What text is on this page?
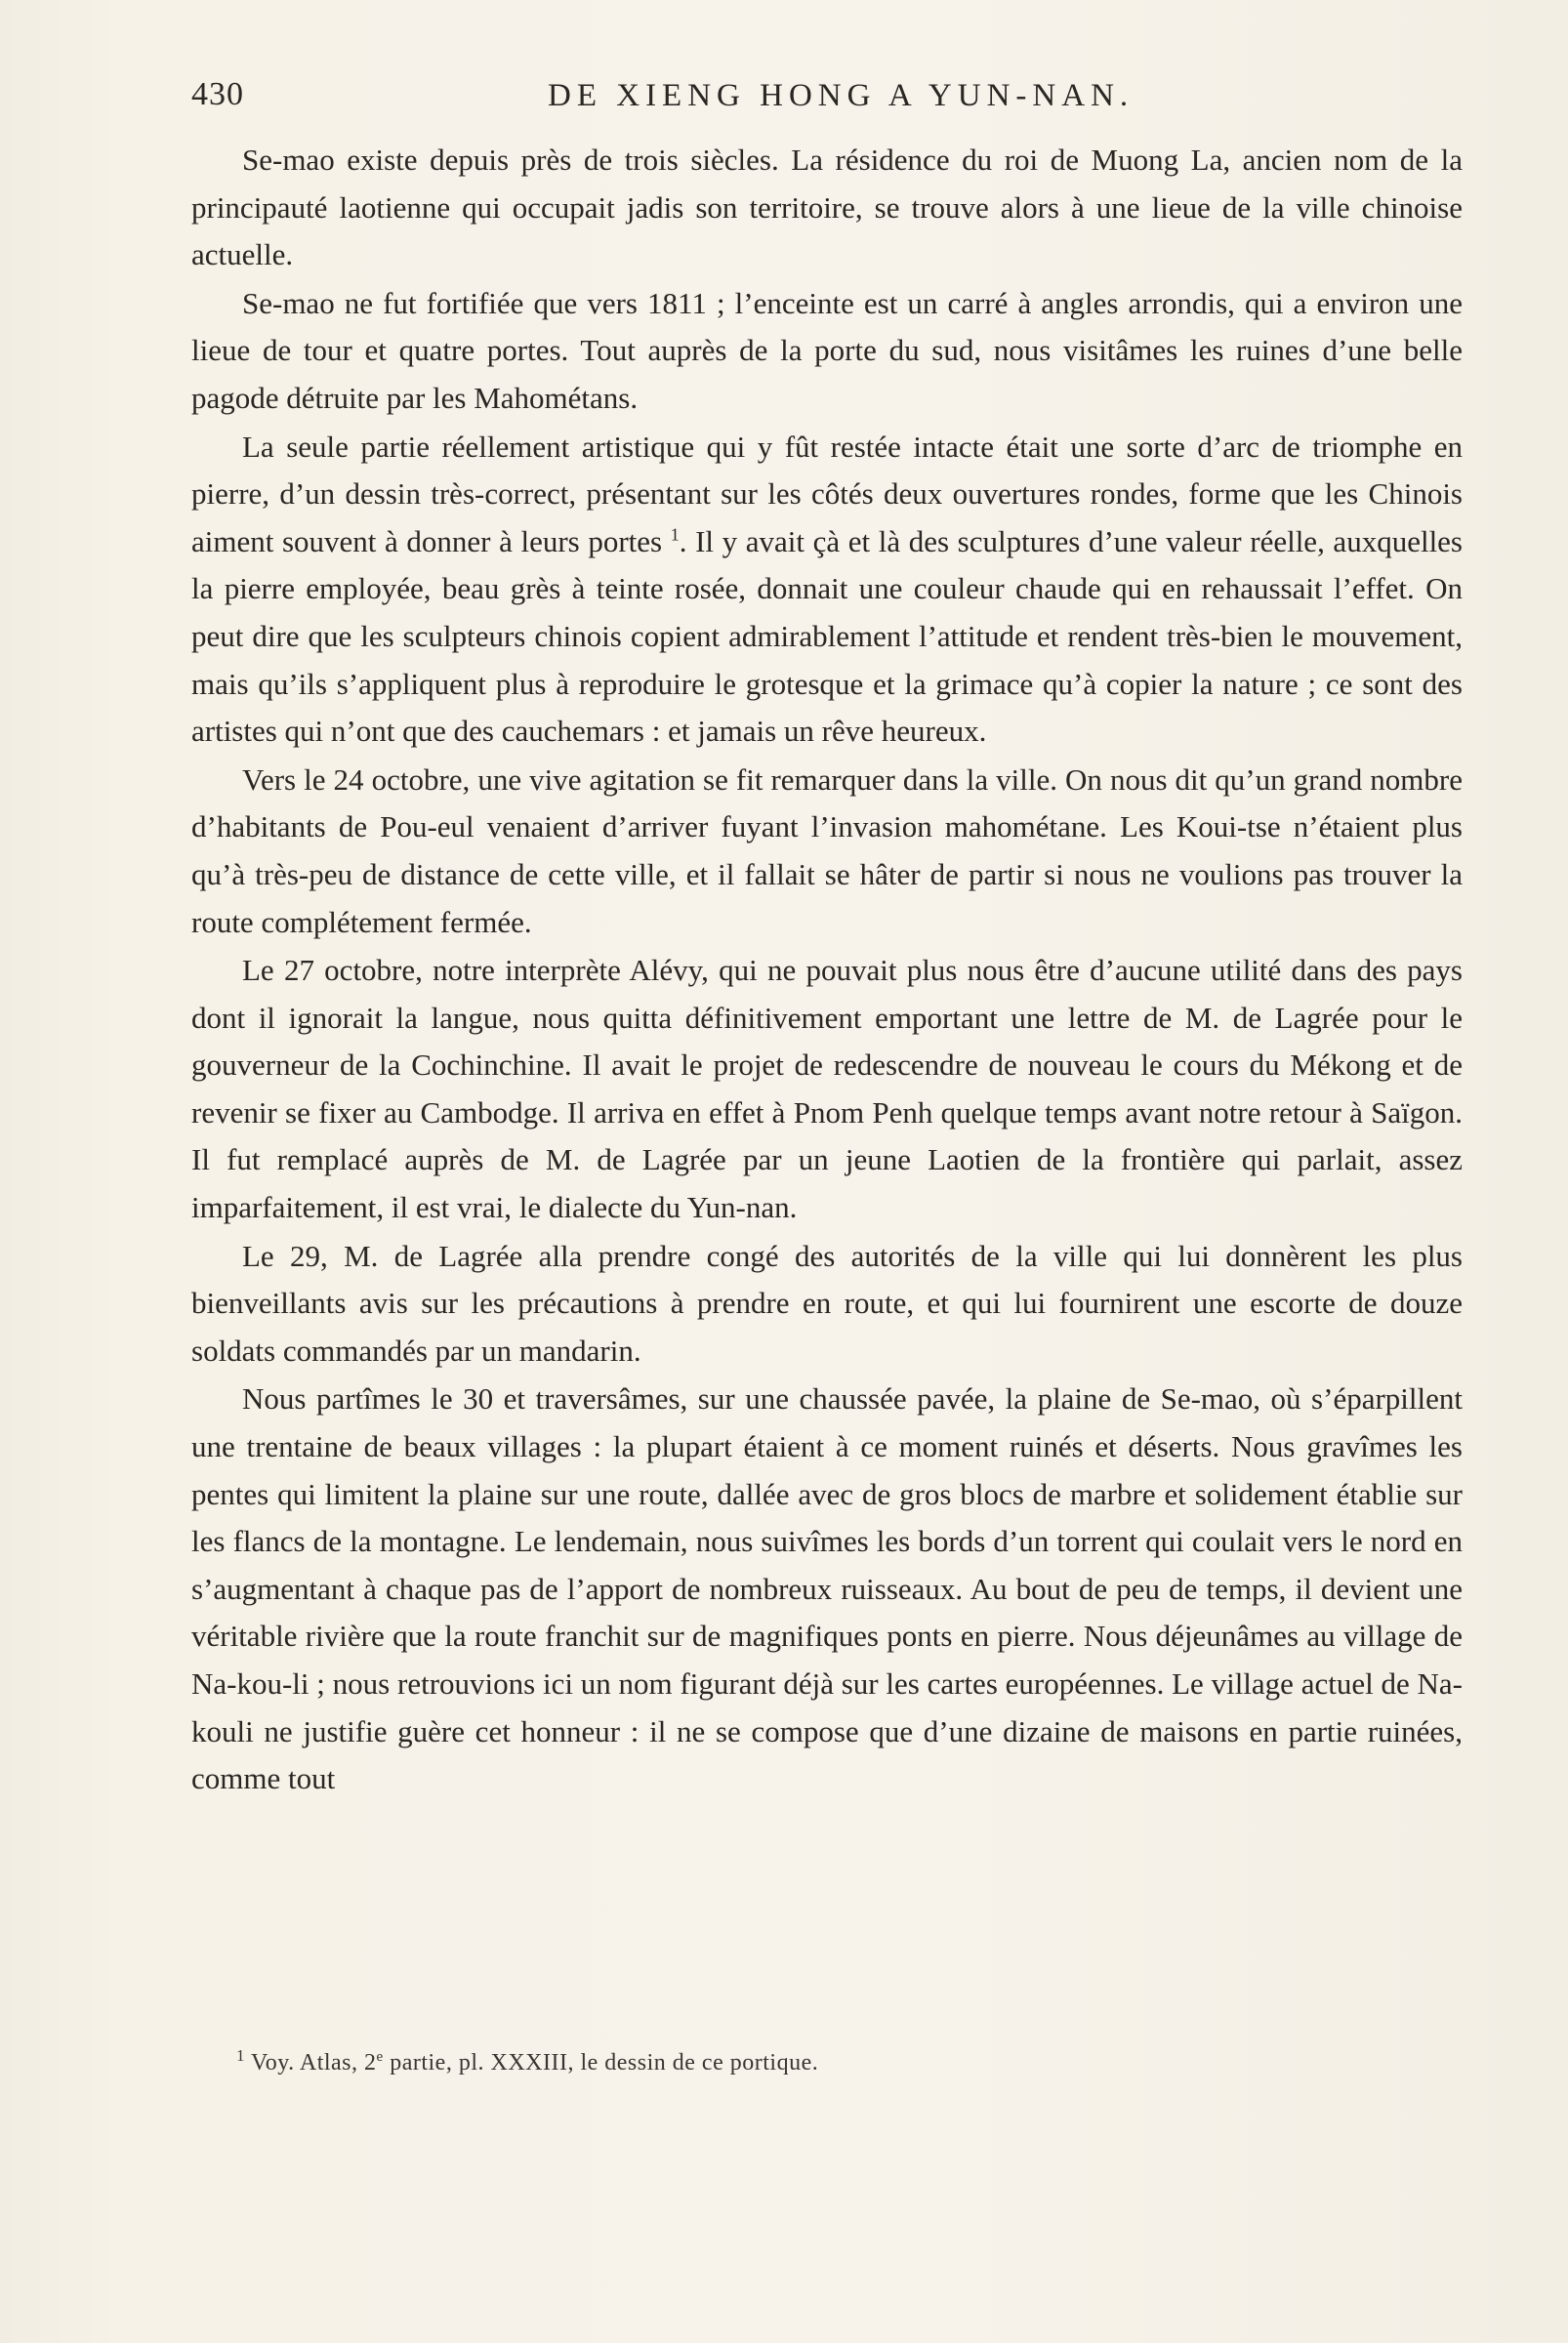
430	DE XIENG HONG A YUN-NAN.

Se-mao existe depuis près de trois siècles. La résidence du roi de Muong La, ancien nom de la principauté laotienne qui occupait jadis son territoire, se trouve alors à une lieue de la ville chinoise actuelle.

Se-mao ne fut fortifiée que vers 1811 ; l’enceinte est un carré à angles arrondis, qui a environ une lieue de tour et quatre portes. Tout auprès de la porte du sud, nous visitâmes les ruines d’une belle pagode détruite par les Mahométans.

La seule partie réellement artistique qui y fût restée intacte était une sorte d’arc de triomphe en pierre, d’un dessin très-correct, présentant sur les côtés deux ouvertures rondes, forme que les Chinois aiment souvent à donner à leurs portes $^1$. Il y avait çà et là des sculptures d’une valeur réelle, auxquelles la pierre employée, beau grès à teinte rosée, donnait une couleur chaude qui en rehaussait l’effet. On peut dire que les sculpteurs chinois copient admirablement l’attitude et rendent très-bien le mouvement, mais qu’ils s’appliquent plus à reproduire le grotesque et la grimace qu’à copier la nature ; ce sont des artistes qui n’ont que des cauchemars : et jamais un rêve heureux.

Vers le 24 octobre, une vive agitation se fit remarquer dans la ville. On nous dit qu’un grand nombre d’habitants de Pou-eul venaient d’arriver fuyant l’invasion mahométane. Les Koui-tse n’étaient plus qu’à très-peu de distance de cette ville, et il fallait se hâter de partir si nous ne voulions pas trouver la route complétement fermée.

Le 27 octobre, notre interprète Alévy, qui ne pouvait plus nous être d’aucune utilité dans des pays dont il ignorait la langue, nous quitta définitivement emportant une lettre de M. de Lagrée pour le gouverneur de la Cochinchine. Il avait le projet de redescendre de nouveau le cours du Mékong et de revenir se fixer au Cambodge. Il arriva en effet à Pnom Penh quelque temps avant notre retour à Saïgon. Il fut remplacé auprès de M. de Lagrée par un jeune Laotien de la frontière qui parlait, assez imparfaitement, il est vrai, le dialecte du Yun-nan.

Le 29, M. de Lagrée alla prendre congé des autorités de la ville qui lui donnèrent les plus bienveillants avis sur les précautions à prendre en route, et qui lui fournirent une escorte de douze soldats commandés par un mandarin.

Nous partîmes le 30 et traversâmes, sur une chaussée pavée, la plaine de Se-mao, où s’éparpillent une trentaine de beaux villages : la plupart étaient à ce moment ruinés et déserts. Nous gravîmes les pentes qui limitent la plaine sur une route, dallée avec de gros blocs de marbre et solidement établie sur les flancs de la montagne. Le lendemain, nous suivîmes les bords d’un torrent qui coulait vers le nord en s’augmentant à chaque pas de l’apport de nombreux ruisseaux. Au bout de peu de temps, il devient une véritable rivière que la route franchit sur de magnifiques ponts en pierre. Nous déjeunâmes au village de Na-kou-li ; nous retrouvions ici un nom figurant déjà sur les cartes européennes. Le village actuel de Na-kouli ne justifie guère cet honneur : il ne se compose que d’une dizaine de maisons en partie ruinées, comme tout

$^1$ Voy. Atlas, 2e partie, pl. XXXIII, le dessin de ce portique.
